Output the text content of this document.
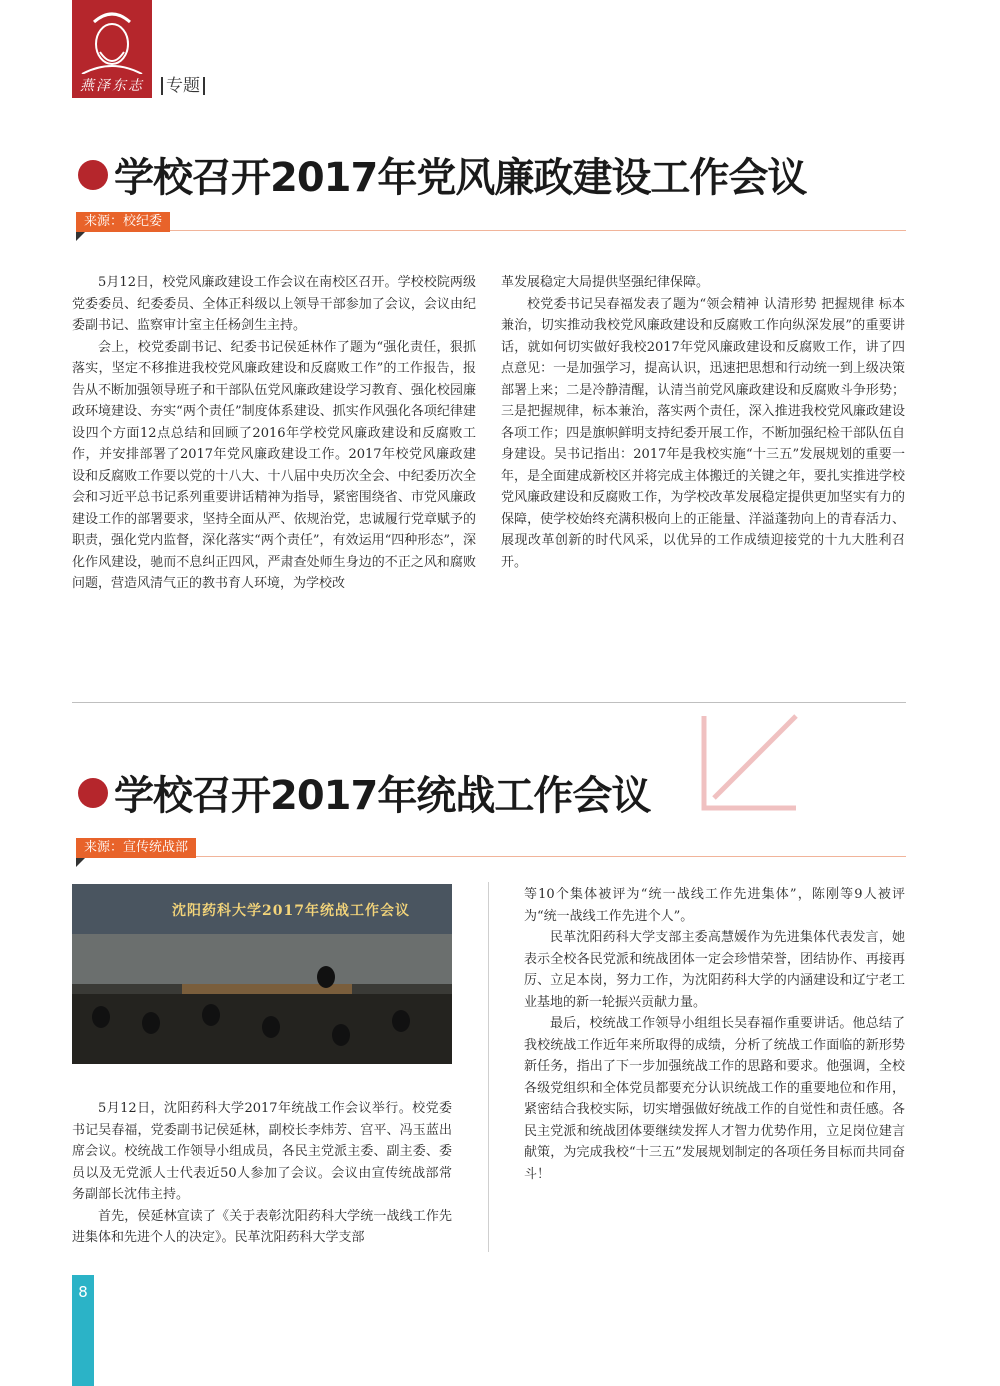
燕泽东志	专题
学校召开2017年党风廉政建设工作会议
来源：校纪委

5月12日，校党风廉政建设工作会议在南校区召开。学校校院两级党委委员、纪委委员、全体正科级以上领导干部参加了会议，会议由纪委副书记、监察审计室主任杨剑生主持。

会上，校党委副书记、纪委书记侯延林作了题为“强化责任，狠抓落实，坚定不移推进我校党风廉政建设和反腐败工作”的工作报告，报告从不断加强领导班子和干部队伍党风廉政建设学习教育、强化校园廉政环境建设、夯实“两个责任”制度体系建设、抓实作风强化各项纪律建设四个方面12点总结和回顾了2016年学校党风廉政建设和反腐败工作，并安排部署了2017年党风廉政建设工作。2017年校党风廉政建设和反腐败工作要以党的十八大、十八届中央历次全会、中纪委历次全会和习近平总书记系列重要讲话精神为指导，紧密围绕省、市党风廉政建设工作的部署要求，坚持全面从严、依规治党，忠诚履行党章赋予的职责，强化党内监督，深化落实“两个责任”，有效运用“四种形态”，深化作风建设，驰而不息纠正四风，严肃查处师生身边的不正之风和腐败问题，营造风清气正的教书育人环境，为学校改

革发展稳定大局提供坚强纪律保障。

校党委书记吴春福发表了题为“领会精神 认清形势 把握规律 标本兼治，切实推动我校党风廉政建设和反腐败工作向纵深发展”的重要讲话，就如何切实做好我校2017年党风廉政建设和反腐败工作，讲了四点意见：一是加强学习，提高认识，迅速把思想和行动统一到上级决策部署上来；二是冷静清醒，认清当前党风廉政建设和反腐败斗争形势；三是把握规律，标本兼治，落实两个责任，深入推进我校党风廉政建设各项工作；四是旗帜鲜明支持纪委开展工作，不断加强纪检干部队伍自身建设。吴书记指出：2017年是我校实施“十三五”发展规划的重要一年，是全面建成新校区并将完成主体搬迁的关键之年，要扎实推进学校党风廉政建设和反腐败工作，为学校改革发展稳定提供更加坚实有力的保障，使学校始终充满积极向上的正能量、洋溢蓬勃向上的青春活力、展现改革创新的时代风采，以优异的工作成绩迎接党的十九大胜利召开。

学校召开2017年统战工作会议
来源：宣传统战部
沈阳药科大学2017年统战工作会议

5月12日，沈阳药科大学2017年统战工作会议举行。校党委书记吴春福，党委副书记侯延林，副校长李炜芳、宫平、冯玉蓝出席会议。校统战工作领导小组成员，各民主党派主委、副主委、委员以及无党派人士代表近50人参加了会议。会议由宣传统战部常务副部长沈伟主持。

首先，侯延林宣读了《关于表彰沈阳药科大学统一战线工作先进集体和先进个人的决定》。民革沈阳药科大学支部

等10个集体被评为“统一战线工作先进集体”，陈刚等9人被评为“统一战线工作先进个人”。

民革沈阳药科大学支部主委高慧媛作为先进集体代表发言，她表示全校各民党派和统战团体一定会珍惜荣誉，团结协作、再接再厉、立足本岗，努力工作，为沈阳药科大学的内涵建设和辽宁老工业基地的新一轮振兴贡献力量。

最后，校统战工作领导小组组长吴春福作重要讲话。他总结了我校统战工作近年来所取得的成绩，分析了统战工作面临的新形势新任务，指出了下一步加强统战工作的思路和要求。他强调，全校各级党组织和全体党员都要充分认识统战工作的重要地位和作用，紧密结合我校实际，切实增强做好统战工作的自觉性和责任感。各民主党派和统战团体要继续发挥人才智力优势作用，立足岗位建言献策，为完成我校“十三五”发展规划制定的各项任务目标而共同奋斗！

8
